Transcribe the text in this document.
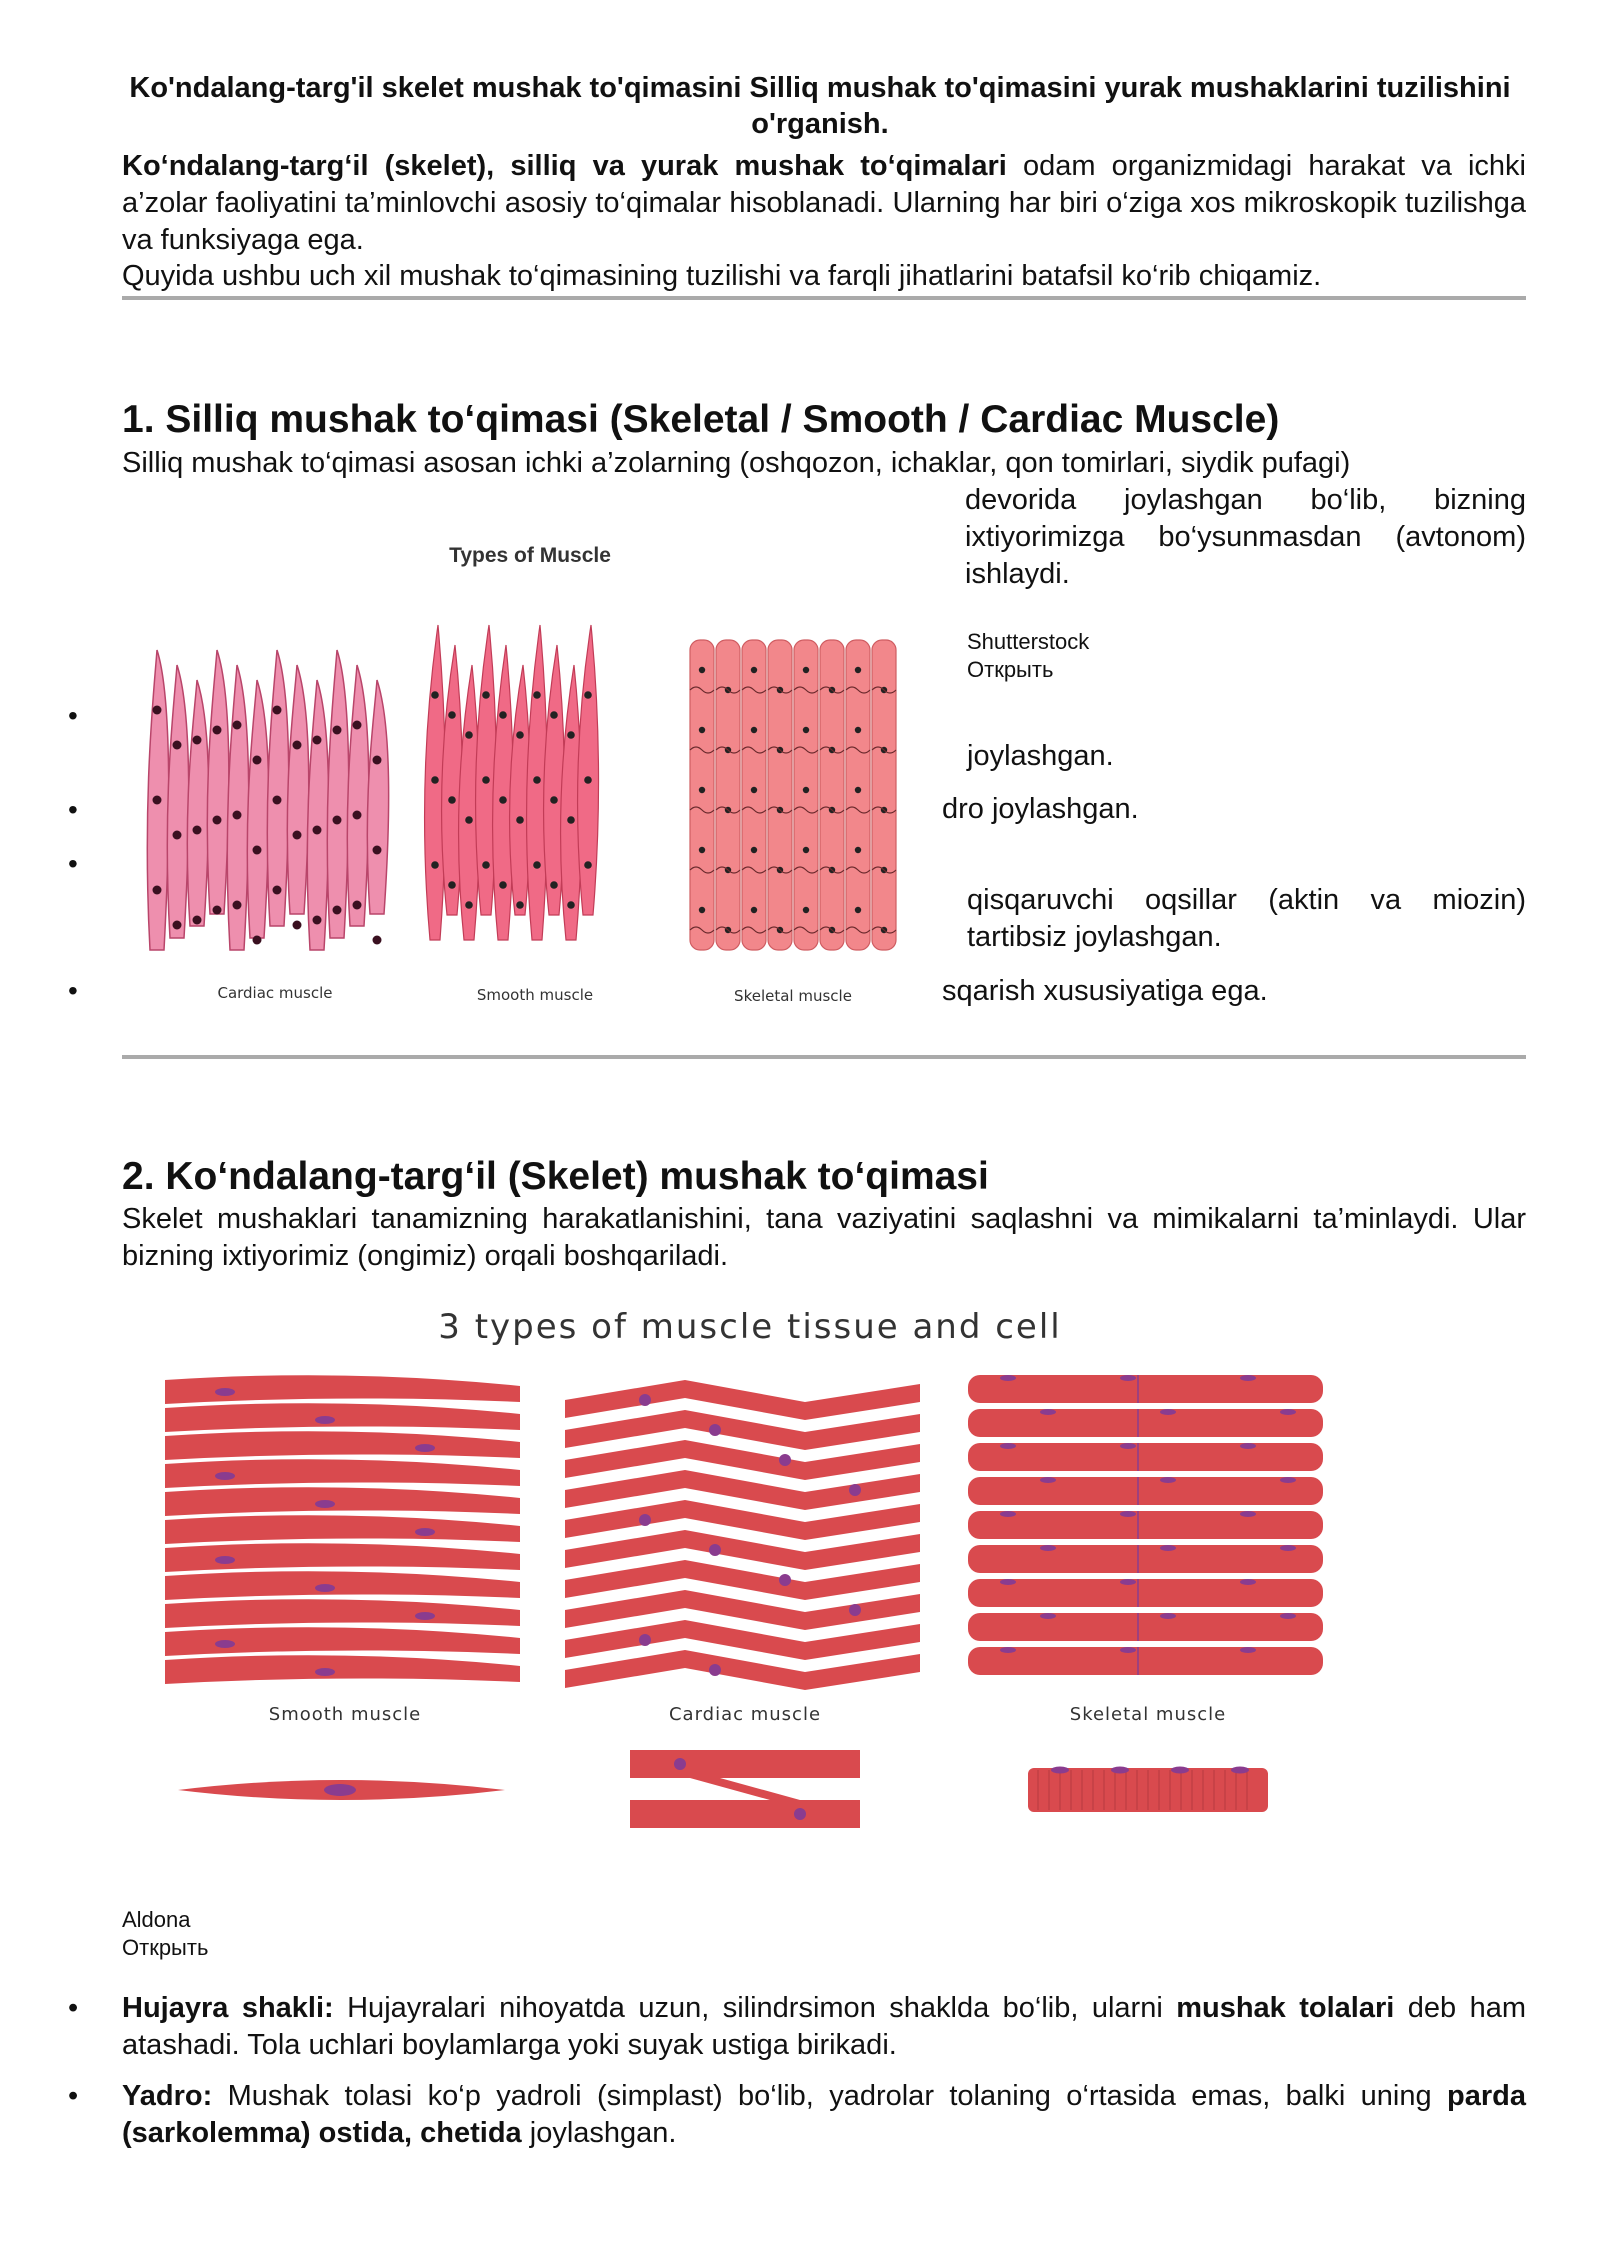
Ko'ndalang-targ'il skelet mushak to'qimasini Silliq mushak to'qimasini yurak mushaklarini tuzilishini o'rganish.
Ko‘ndalang-targ‘il (skelet), silliq va yurak mushak to‘qimalari odam organizmidagi harakat va ichki a’zolar faoliyatini ta’minlovchi asosiy to‘qimalar hisoblanadi. Ularning har biri o‘ziga xos mikroskopik tuzilishga va funksiyaga ega.
Quyida ushbu uch xil mushak to‘qimasining tuzilishi va farqli jihatlarini batafsil ko‘rib chiqamiz.
1. Silliq mushak to‘qimasi (Skeletal / Smooth / Cardiac Muscle)
Silliq mushak to‘qimasi asosan ichki a’zolarning (oshqozon, ichaklar, qon tomirlari, siydik pufagi)
devorida joylashgan bo‘lib, bizning ixtiyorimizga bo‘ysunmasdan (avtonom) ishlaydi.
Shutterstock
Открыть
joylashgan.
dro joylashgan.
qisqaruvchi oqsillar (aktin va miozin) tartibsiz joylashgan.
sqarish xususiyatiga ega.
•
•
•
•
Types of Muscle
Cardiac muscle	Smooth muscle	Skeletal muscle
2. Ko‘ndalang-targ‘il (Skelet) mushak to‘qimasi
Skelet mushaklari tanamizning harakatlanishini, tana vaziyatini saqlashni va mimikalarni ta’minlaydi. Ular bizning ixtiyorimiz (ongimiz) orqali boshqariladi.
3 types of muscle tissue and cell
Smooth muscle	Cardiac muscle	Skeletal muscle
Aldona
Открыть
• Hujayra shakli: Hujayralari nihoyatda uzun, silindrsimon shaklda bo‘lib, ularni mushak tolalari deb ham atashadi. Tola uchlari boylamlarga yoki suyak ustiga birikadi.
• Yadro: Mushak tolasi ko‘p yadroli (simplast) bo‘lib, yadrolar tolaning o‘rtasida emas, balki uning parda (sarkolemma) ostida, chetida joylashgan.
